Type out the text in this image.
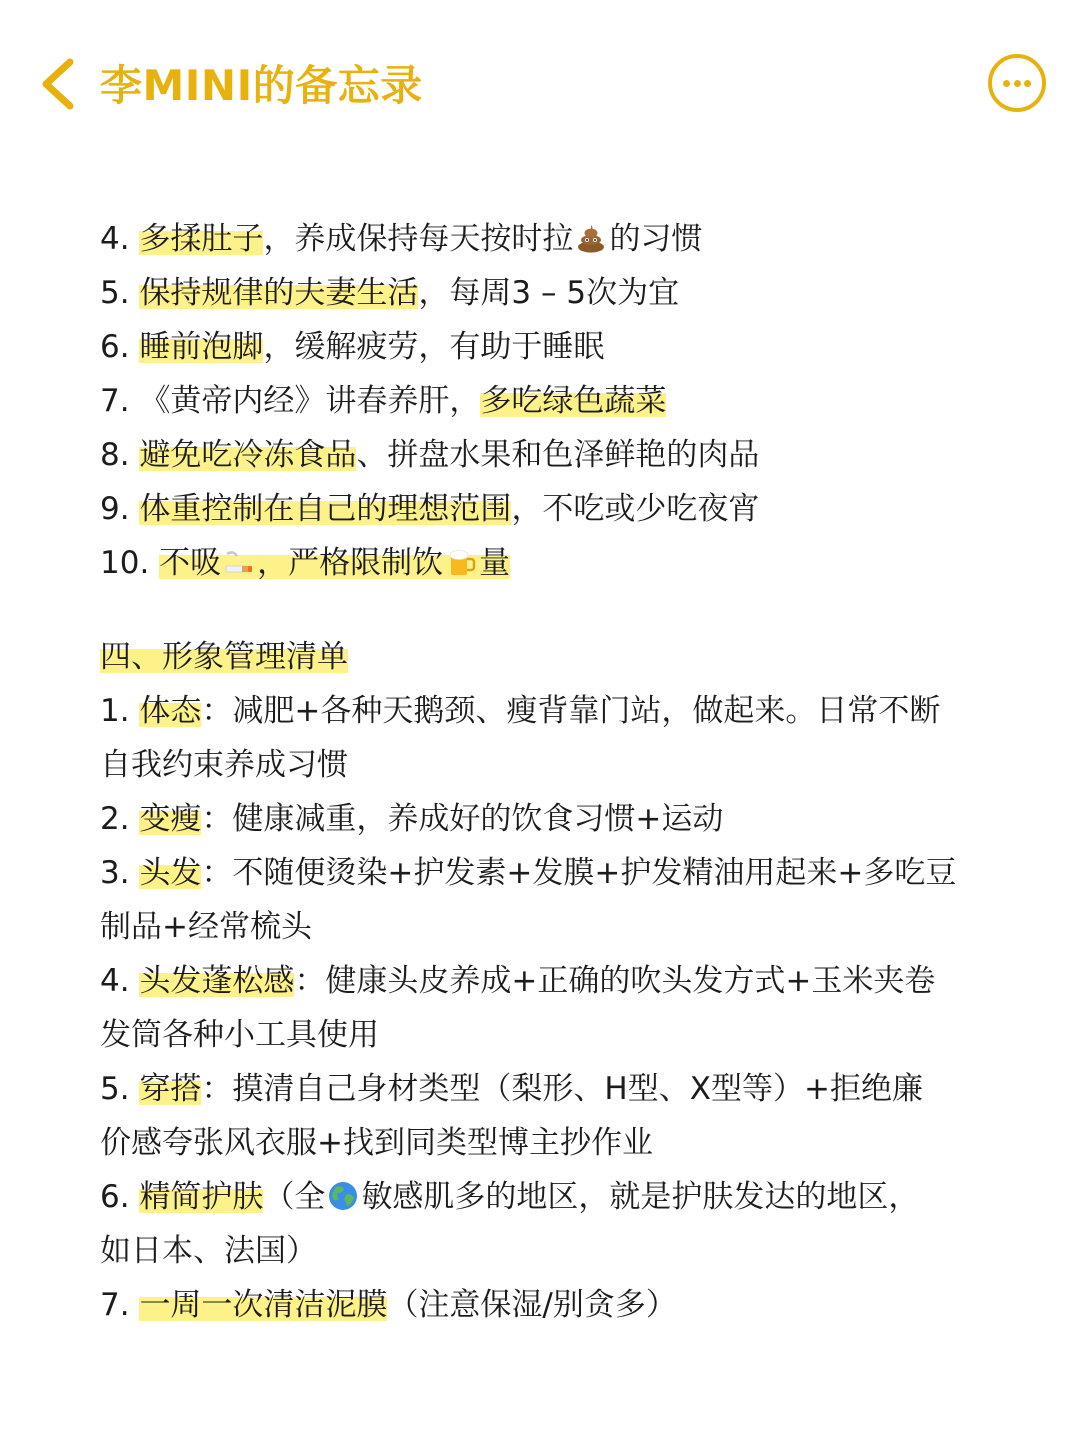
李MINI的备忘录
4. 多揉肚子，养成保持每天按时拉 的习惯
5. 保持规律的夫妻生活，每周3 – 5次为宜
6. 睡前泡脚，缓解疲劳，有助于睡眠
7. 《黄帝内经》讲春养肝，多吃绿色蔬菜
8. 避免吃冷冻食品、拼盘水果和色泽鲜艳的肉品
9. 体重控制在自己的理想范围，不吃或少吃夜宵
10. 不吸 ，严格限制饮 量
四、形象管理清单
1. 体态：减肥+各种天鹅颈、瘦背靠门站，做起来。日常不断
自我约束养成习惯
2. 变瘦：健康减重，养成好的饮食习惯+运动
3. 头发：不随便烫染+护发素+发膜+护发精油用起来+多吃豆
制品+经常梳头
4. 头发蓬松感：健康头皮养成+正确的吹头发方式+玉米夹卷
发筒各种小工具使用
5. 穿搭：摸清自己身材类型（梨形、H型、X型等）+拒绝廉
价感夸张风衣服+找到同类型博主抄作业
6. 精简护肤（全 敏感肌多的地区，就是护肤发达的地区，
如日本、法国）
7. 一周一次清洁泥膜（注意保湿/别贪多）
